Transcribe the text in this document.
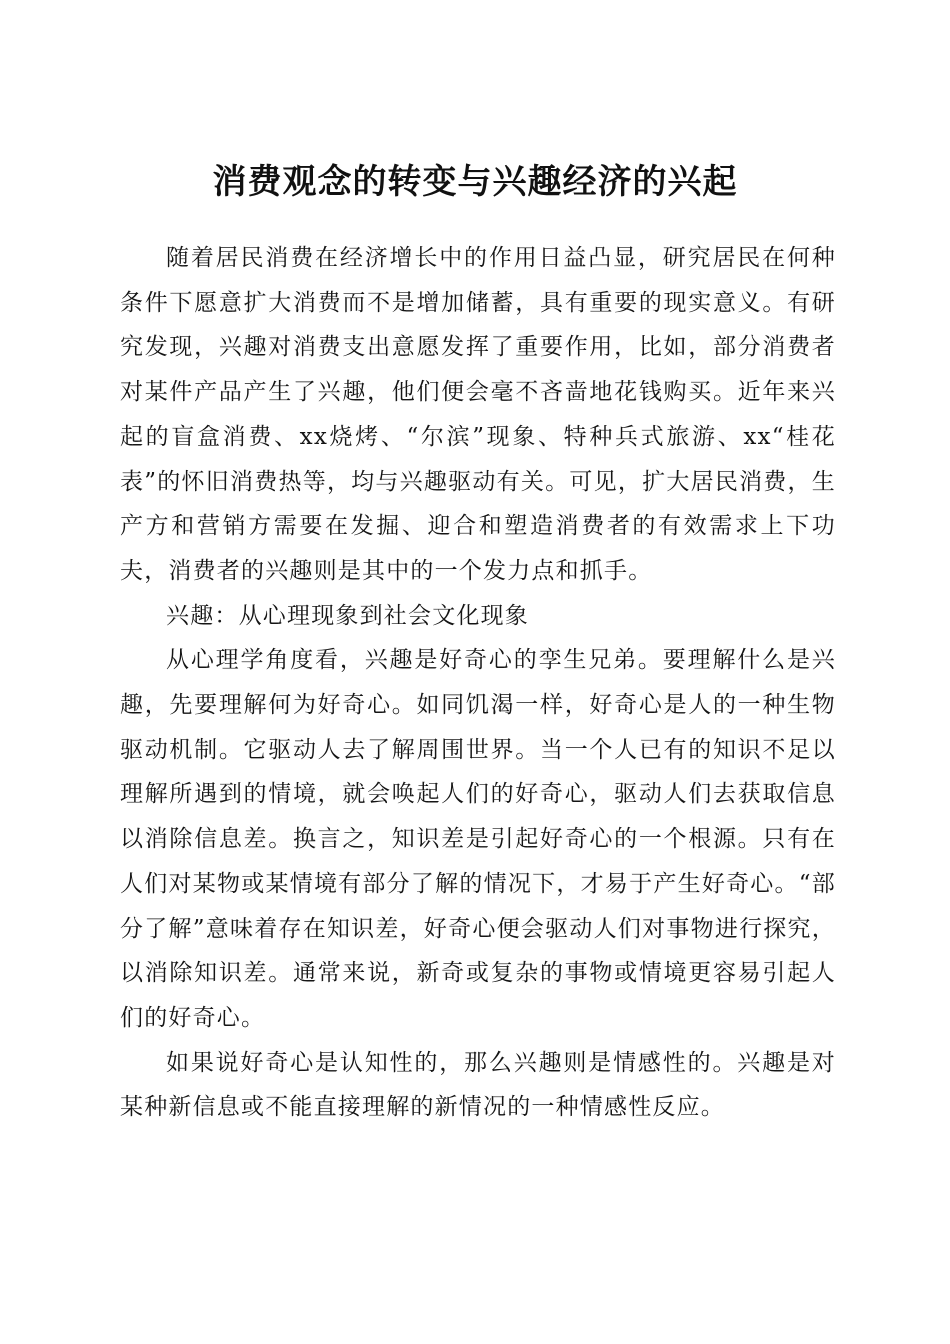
消费观念的转变与兴趣经济的兴起

随着居民消费在经济增长中的作用日益凸显，研究居民在何种条件下愿意扩大消费而不是增加储蓄，具有重要的现实意义。有研究发现，兴趣对消费支出意愿发挥了重要作用，比如，部分消费者对某件产品产生了兴趣，他们便会毫不吝啬地花钱购买。近年来兴起的盲盒消费、xx烧烤、“尔滨”现象、特种兵式旅游、xx“桂花表”的怀旧消费热等，均与兴趣驱动有关。可见，扩大居民消费，生产方和营销方需要在发掘、迎合和塑造消费者的有效需求上下功夫，消费者的兴趣则是其中的一个发力点和抓手。

兴趣：从心理现象到社会文化现象

从心理学角度看，兴趣是好奇心的孪生兄弟。要理解什么是兴趣，先要理解何为好奇心。如同饥渴一样，好奇心是人的一种生物驱动机制。它驱动人去了解周围世界。当一个人已有的知识不足以理解所遇到的情境，就会唤起人们的好奇心，驱动人们去获取信息以消除信息差。换言之，知识差是引起好奇心的一个根源。只有在人们对某物或某情境有部分了解的情况下，才易于产生好奇心。“部分了解”意味着存在知识差，好奇心便会驱动人们对事物进行探究，以消除知识差。通常来说，新奇或复杂的事物或情境更容易引起人们的好奇心。

如果说好奇心是认知性的，那么兴趣则是情感性的。兴趣是对某种新信息或不能直接理解的新情况的一种情感性反应。
